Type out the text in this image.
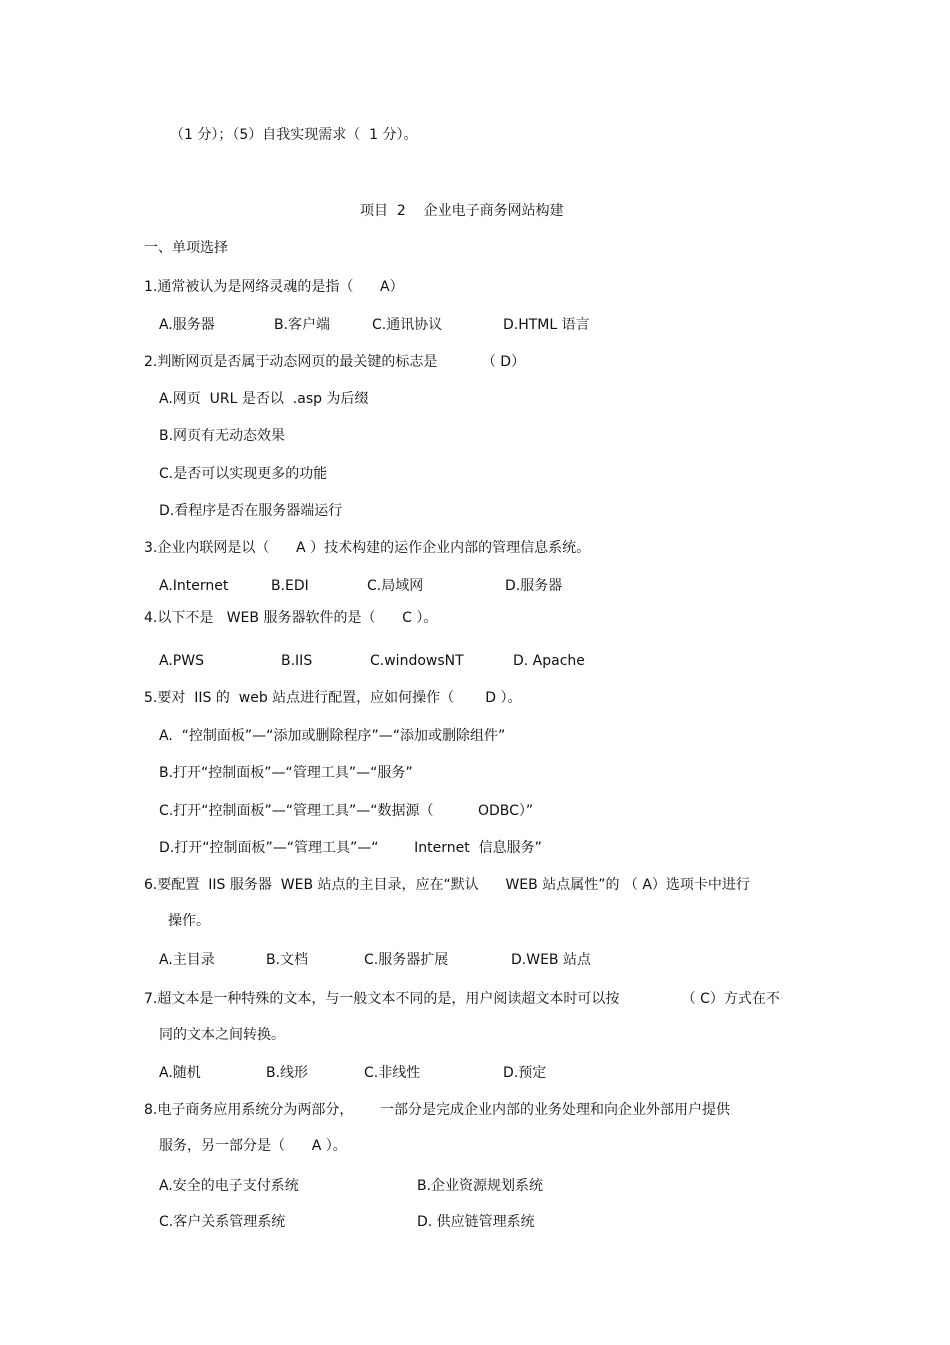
（1 分）；（5）自我实现需求（  1 分）。
项目  2    企业电子商务网站构建
一、单项选择
1.通常被认为是网络灵魂的是指（      A）
A.服务器	B.客户端	C.通讯协议	D.HTML 语言
2.判断网页是否属于动态网页的最关键的标志是          （ D）
A.网页  URL 是否以  .asp 为后缀
B.网页有无动态效果
C.是否可以实现更多的功能
D.看程序是否在服务器端运行
3.企业内联网是以（      A ）技术构建的运作企业内部的管理信息系统。
A.Internet	B.EDI	C.局域网	D.服务器
4.以下不是   WEB 服务器软件的是（      C ）。
A.PWS	B.IIS	C.windowsNT	D. Apache
5.要对  IIS 的  web 站点进行配置，应如何操作（       D ）。
A.  “控制面板”—“添加或删除程序”—“添加或删除组件”
B.打开“控制面板”—“管理工具”—“服务”
C.打开“控制面板”—“管理工具”—“数据源（          ODBC）”
D.打开“控制面板”—“管理工具”—“        Internet  信息服务”
6.要配置  IIS 服务器  WEB 站点的主目录，应在“默认      WEB 站点属性”的 （ A）选项卡中进行
操作。
A.主目录	B.文档	C.服务器扩展	D.WEB 站点
7.超文本是一种特殊的文本，与一般文本不同的是，用户阅读超文本时可以按              （ C）方式在不
同的文本之间转换。
A.随机	B.线形	C.非线性	D.预定
8.电子商务应用系统分为两部分，      一部分是完成企业内部的业务处理和向企业外部用户提供
服务，另一部分是（      A ）。
A.安全的电子支付系统	B.企业资源规划系统
C.客户关系管理系统	D. 供应链管理系统
